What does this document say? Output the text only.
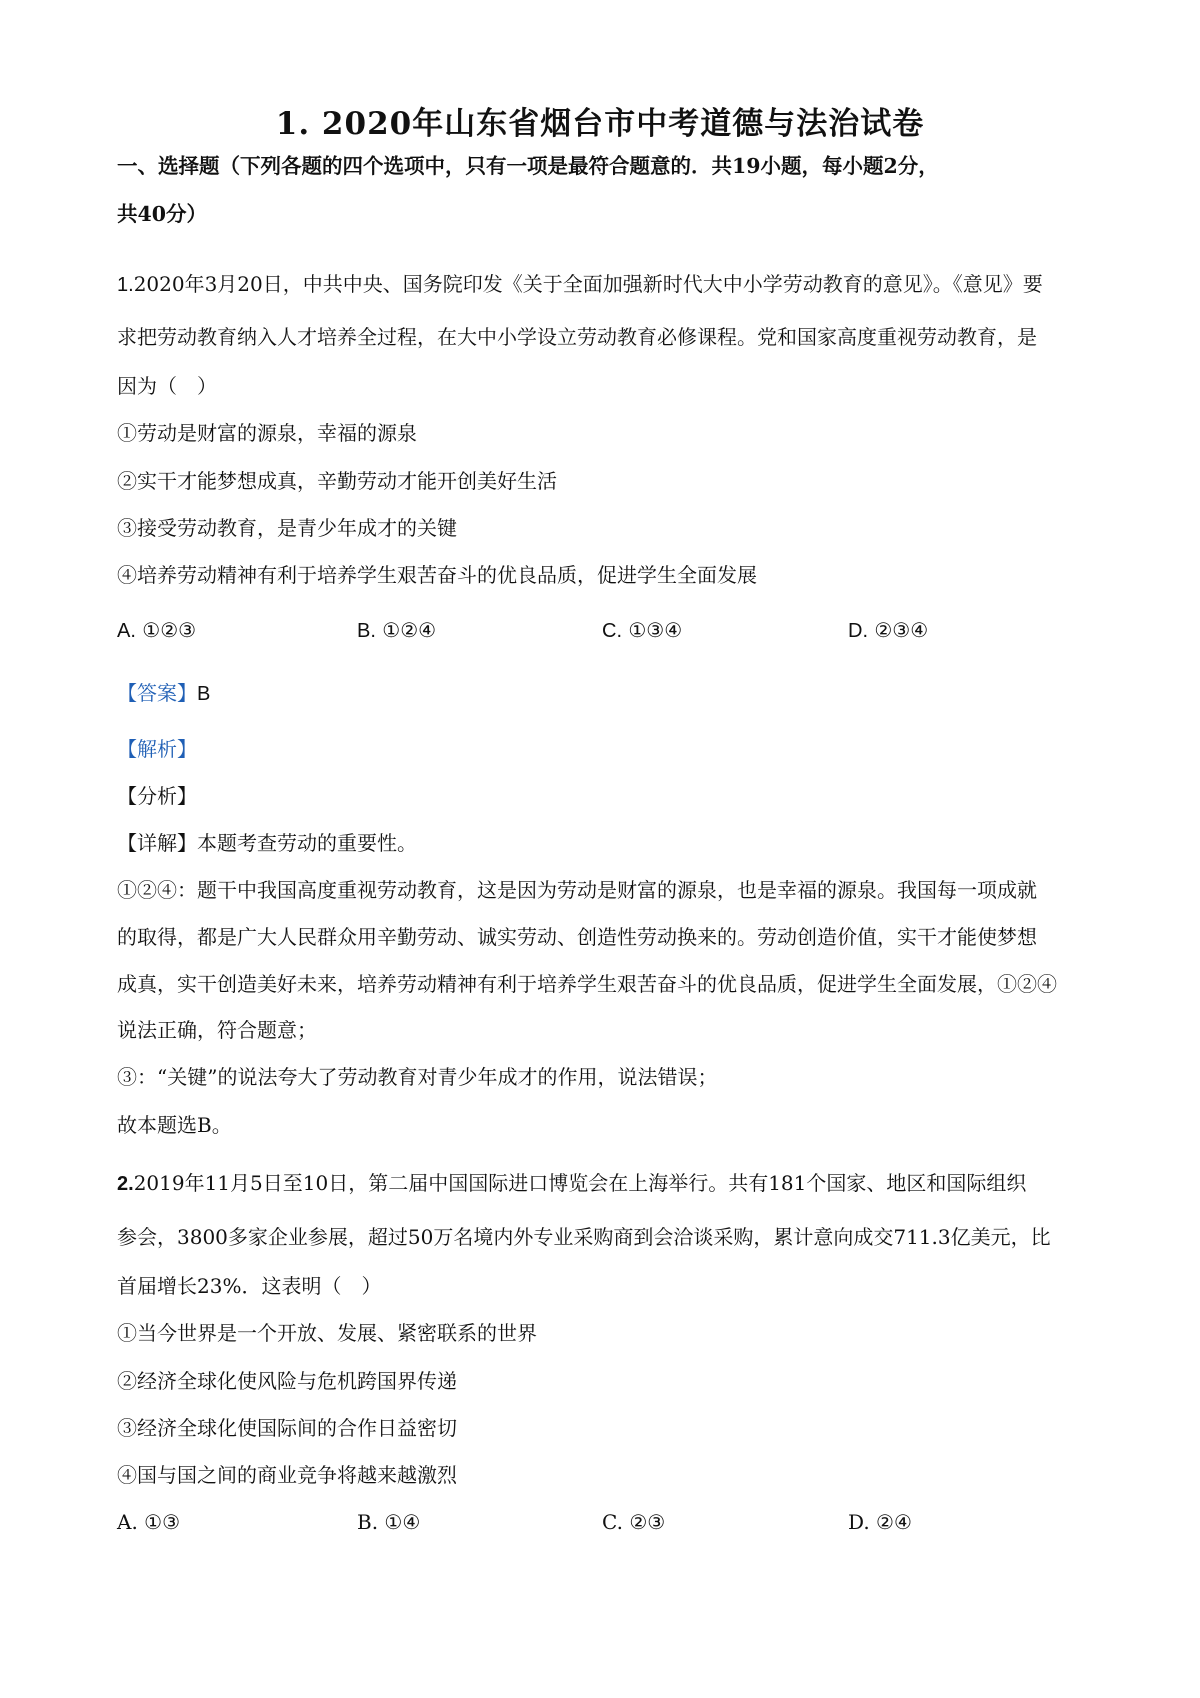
1. 2020年山东省烟台市中考道德与法治试卷
一、选择题（下列各题的四个选项中，只有一项是最符合题意的．共19小题，每小题2分，
共40分）
1.2020年3月20日，中共中央、国务院印发《关于全面加强新时代大中小学劳动教育的意见》。《意见》要
求把劳动教育纳入人才培养全过程，在大中小学设立劳动教育必修课程。党和国家高度重视劳动教育，是
因为（　）
①劳动是财富的源泉，幸福的源泉
②实干才能梦想成真，辛勤劳动才能开创美好生活
③接受劳动教育，是青少年成才的关键
④培养劳动精神有利于培养学生艰苦奋斗的优良品质，促进学生全面发展
A. ①②③	B. ①②④	C. ①③④	D. ②③④
【答案】B
【解析】
【分析】
【详解】本题考查劳动的重要性。
①②④：题干中我国高度重视劳动教育，这是因为劳动是财富的源泉，也是幸福的源泉。我国每一项成就
的取得，都是广大人民群众用辛勤劳动、诚实劳动、创造性劳动换来的。劳动创造价值，实干才能使梦想
成真，实干创造美好未来，培养劳动精神有利于培养学生艰苦奋斗的优良品质，促进学生全面发展，①②④
说法正确，符合题意；
③：“关键”的说法夸大了劳动教育对青少年成才的作用，说法错误；
故本题选B。
2.2019年11月5日至10日，第二届中国国际进口博览会在上海举行。共有181个国家、地区和国际组织
参会，3800多家企业参展，超过50万名境内外专业采购商到会洽谈采购，累计意向成交711.3亿美元，比
首届增长23%．这表明（　）
①当今世界是一个开放、发展、紧密联系的世界
②经济全球化使风险与危机跨国界传递
③经济全球化使国际间的合作日益密切
④国与国之间的商业竞争将越来越激烈
A. ①③	B. ①④	C. ②③	D. ②④
